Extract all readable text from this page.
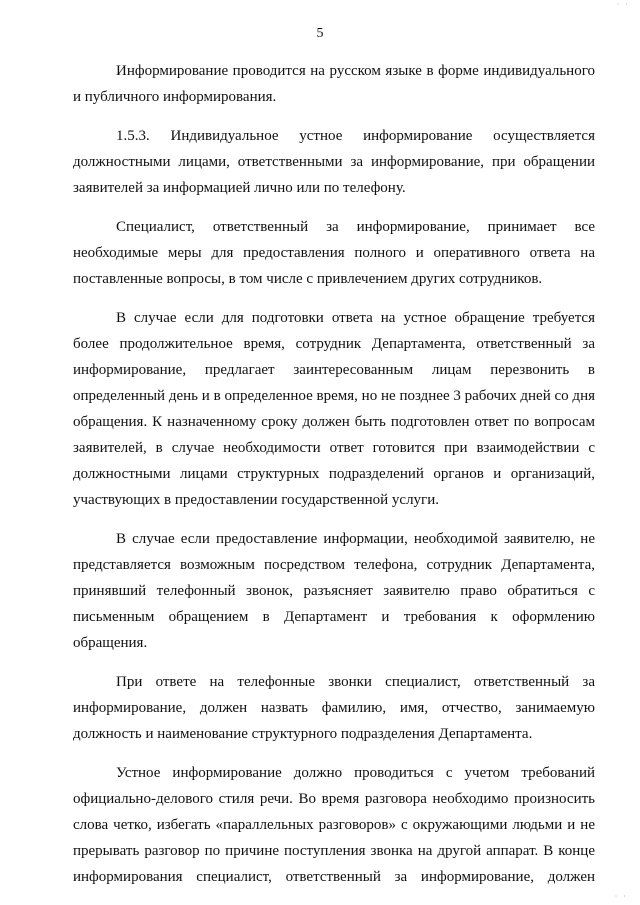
· ·
5

Информирование проводится на русском языке в форме индивидуального и публичного информирования.

1.5.3. Индивидуальное устное информирование осуществляется должностными лицами, ответственными за информирование, при обращении заявителей за информацией лично или по телефону.

Специалист, ответственный за информирование, принимает все необходимые меры для предоставления полного и оперативного ответа на поставленные вопросы, в том числе с привлечением других сотрудников.

В случае если для подготовки ответа на устное обращение требуется более продолжительное время, сотрудник Департамента, ответственный за информирование, предлагает заинтересованным лицам перезвонить в определенный день и в определенное время, но не позднее 3 рабочих дней со дня обращения. К назначенному сроку должен быть подготовлен ответ по вопросам заявителей, в случае необходимости ответ готовится при взаимодействии с должностными лицами структурных подразделений органов и организаций, участвующих в предоставлении государственной услуги.

В случае если предоставление информации, необходимой заявителю, не представляется возможным посредством телефона, сотрудник Департамента, принявший телефонный звонок, разъясняет заявителю право обратиться с письменным обращением в Департамент и требования к оформлению обращения.

При ответе на телефонные звонки специалист, ответственный за информирование, должен назвать фамилию, имя, отчество, занимаемую должность и наименование структурного подразделения Департамента.

Устное информирование должно проводиться с учетом требований официально-делового стиля речи. Во время разговора необходимо произносить слова четко, избегать «параллельных разговоров» с окружающими людьми и не прерывать разговор по причине поступления звонка на другой аппарат. В конце информирования специалист, ответственный за информирование, должен

· ·
